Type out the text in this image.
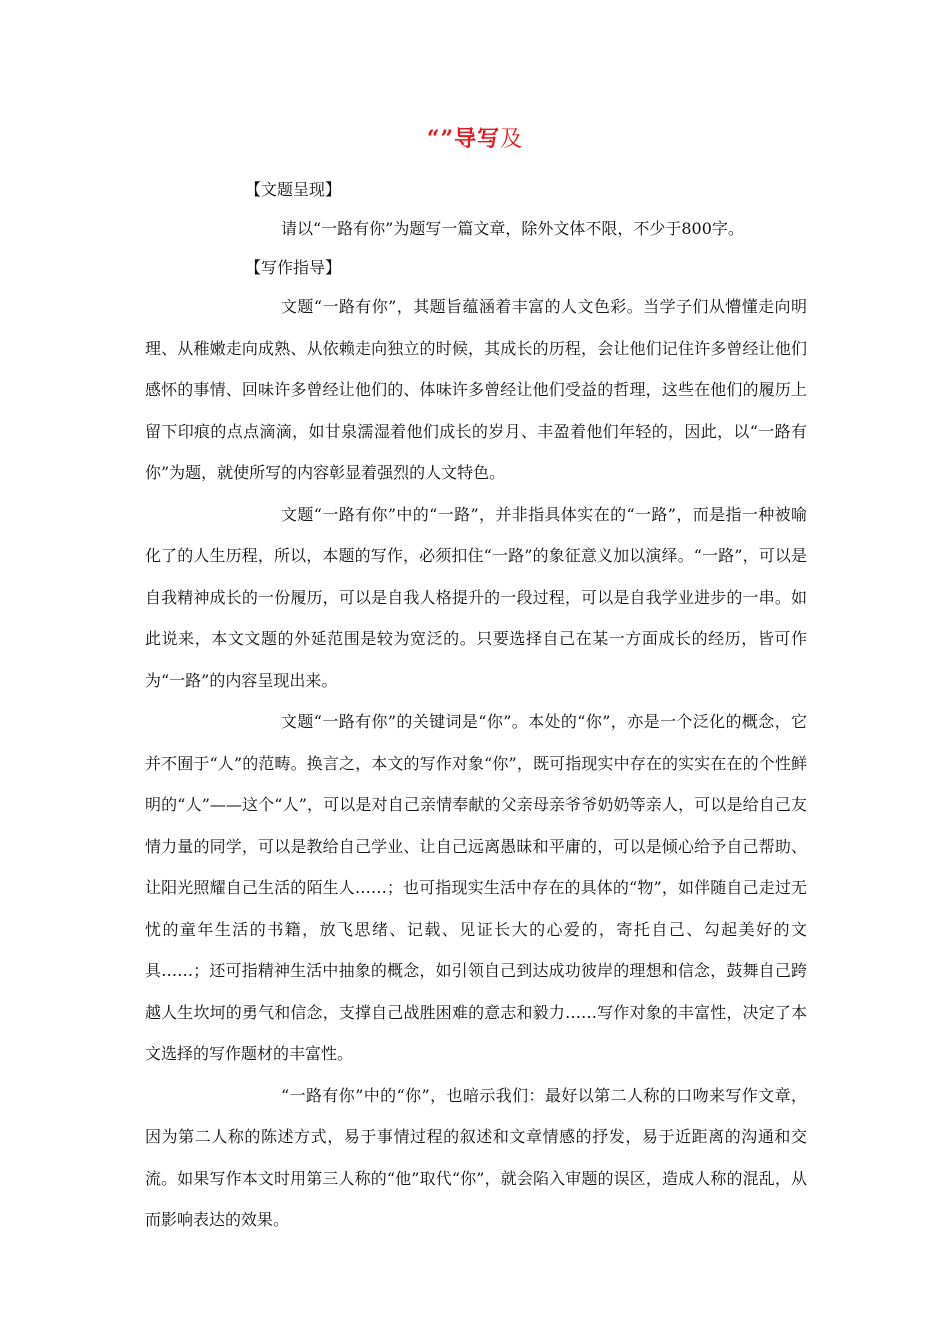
“”导写及

【文题呈现】

请以“一路有你”为题写一篇文章，除外文体不限，不少于800字。

【写作指导】

文题“一路有你”，其题旨蕴涵着丰富的人文色彩。当学子们从懵懂走向明理、从稚嫩走向成熟、从依赖走向独立的时候，其成长的历程，会让他们记住许多曾经让他们感怀的事情、回味许多曾经让他们的、体味许多曾经让他们受益的哲理，这些在他们的履历上留下印痕的点点滴滴，如甘泉濡湿着他们成长的岁月、丰盈着他们年轻的，因此，以“一路有你”为题，就使所写的内容彰显着强烈的人文特色。

文题“一路有你”中的“一路”，并非指具体实在的“一路”，而是指一种被喻化了的人生历程，所以，本题的写作，必须扣住“一路”的象征意义加以演绎。“一路”，可以是自我精神成长的一份履历，可以是自我人格提升的一段过程，可以是自我学业进步的一串。如此说来，本文文题的外延范围是较为宽泛的。只要选择自己在某一方面成长的经历，皆可作为“一路”的内容呈现出来。

文题“一路有你”的关键词是“你”。本处的“你”，亦是一个泛化的概念，它并不囿于“人”的范畴。换言之，本文的写作对象“你”，既可指现实中存在的实实在在的个性鲜明的“人”——这个“人”，可以是对自己亲情奉献的父亲母亲爷爷奶奶等亲人，可以是给自己友情力量的同学，可以是教给自己学业、让自己远离愚昧和平庸的，可以是倾心给予自己帮助、让阳光照耀自己生活的陌生人……；也可指现实生活中存在的具体的“物”，如伴随自己走过无忧的童年生活的书籍，放飞思绪、记载、见证长大的心爱的，寄托自己、勾起美好的文具……；还可指精神生活中抽象的概念，如引领自己到达成功彼岸的理想和信念，鼓舞自己跨越人生坎坷的勇气和信念，支撑自己战胜困难的意志和毅力……写作对象的丰富性，决定了本文选择的写作题材的丰富性。

“一路有你”中的“你”，也暗示我们：最好以第二人称的口吻来写作文章，因为第二人称的陈述方式，易于事情过程的叙述和文章情感的抒发，易于近距离的沟通和交流。如果写作本文时用第三人称的“他”取代“你”，就会陷入审题的误区，造成人称的混乱，从而影响表达的效果。
